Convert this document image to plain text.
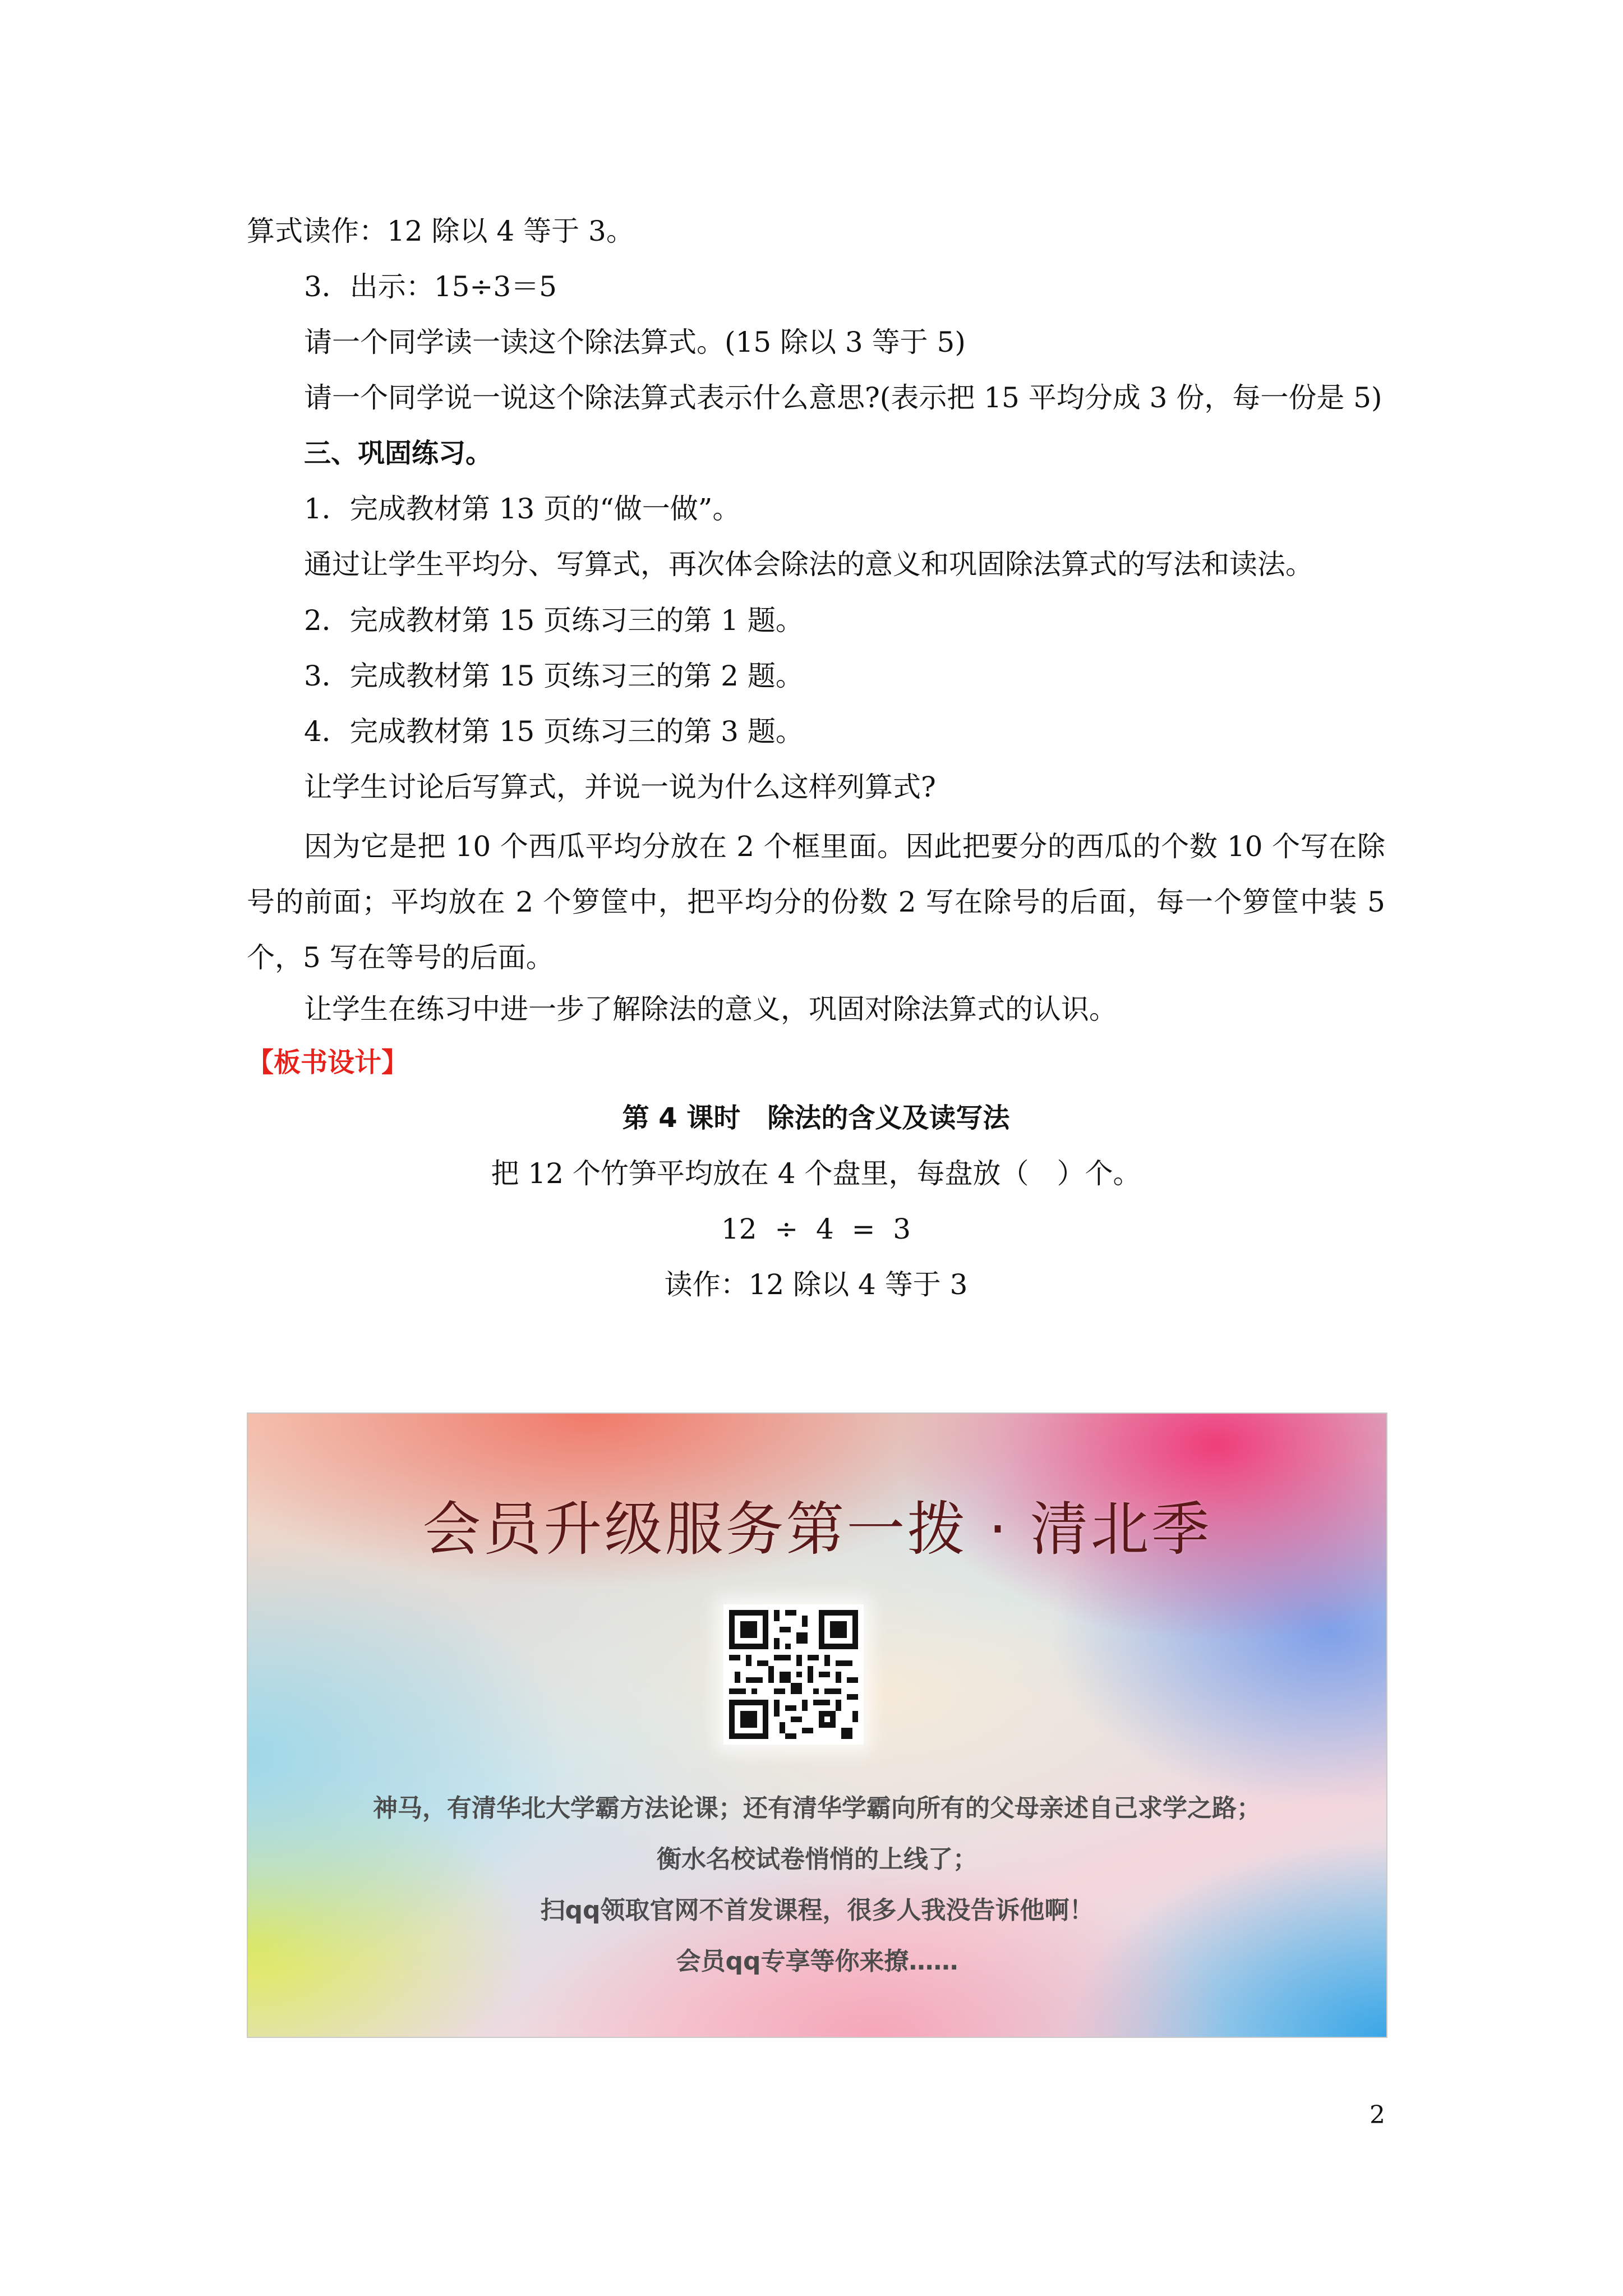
算式读作：12 除以 4 等于 3。
3．出示：15÷3＝5
请一个同学读一读这个除法算式。(15 除以 3 等于 5)
请一个同学说一说这个除法算式表示什么意思?(表示把 15 平均分成 3 份，每一份是 5)
三、巩固练习。
1．完成教材第 13 页的“做一做”。
通过让学生平均分、写算式，再次体会除法的意义和巩固除法算式的写法和读法。
2．完成教材第 15 页练习三的第 1 题。
3．完成教材第 15 页练习三的第 2 题。
4．完成教材第 15 页练习三的第 3 题。
让学生讨论后写算式，并说一说为什么这样列算式?
因为它是把 10 个西瓜平均分放在 2 个框里面。因此把要分的西瓜的个数 10 个写在除号的前面；平均放在 2 个箩筐中，把平均分的份数 2 写在除号的后面，每一个箩筐中装 5 个，5 写在等号的后面。
让学生在练习中进一步了解除法的意义，巩固对除法算式的认识。
【板书设计】
第 4 课时　除法的含义及读写法
把 12 个竹笋平均放在 4 个盘里，每盘放（　）个。
12  ÷  4  =  3
读作：12 除以 4 等于 3
会员升级服务第一拨 · 清北季
神马，有清华北大学霸方法论课；还有清华学霸向所有的父母亲述自己求学之路；
衡水名校试卷悄悄的上线了；
扫qq领取官网不首发课程，很多人我没告诉他啊！
会员qq专享等你来撩……
2
